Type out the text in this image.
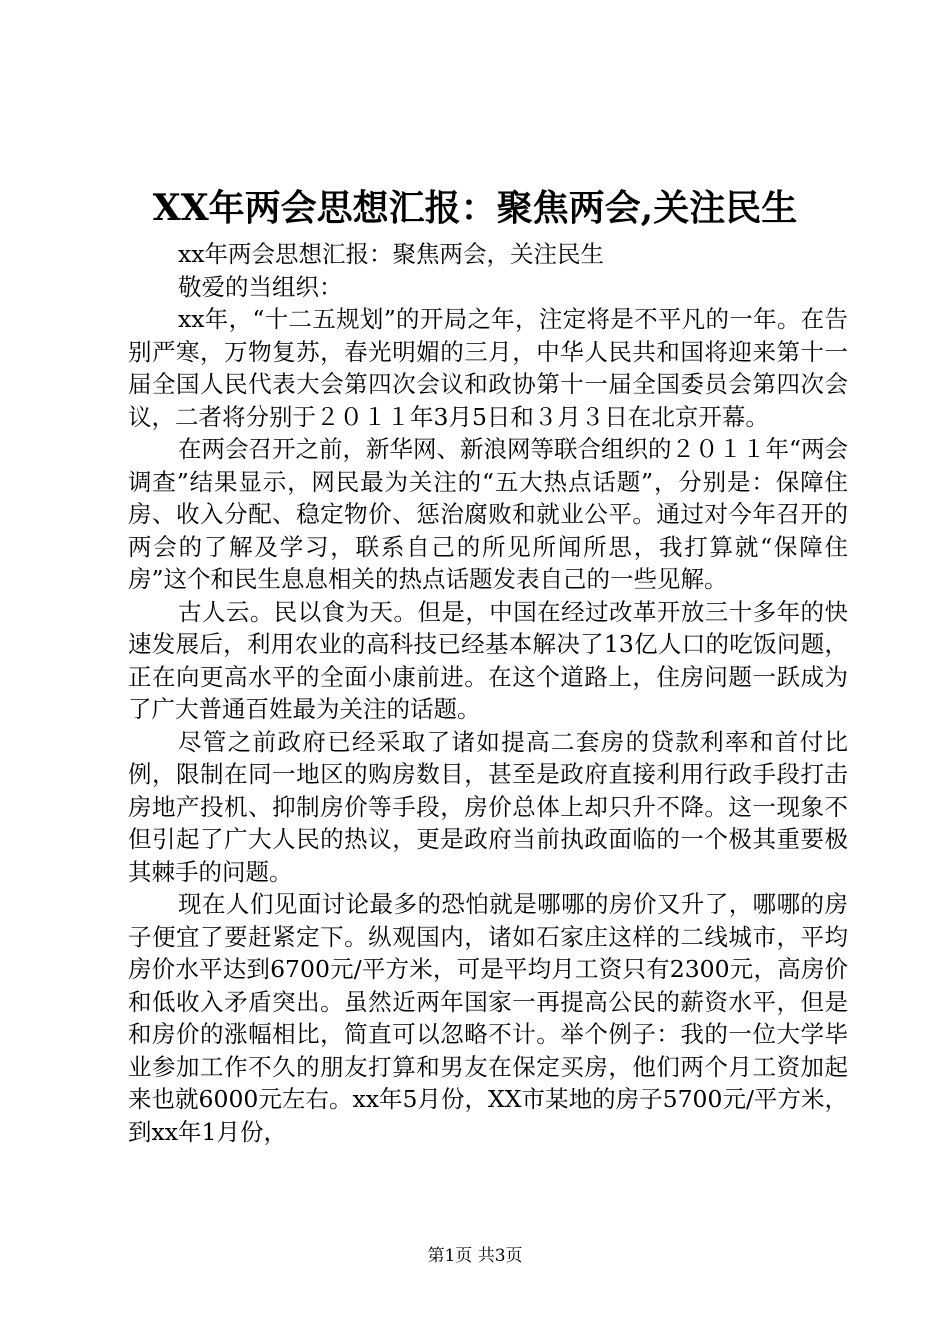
XX年两会思想汇报：聚焦两会,关注民生

xx年两会思想汇报：聚焦两会，关注民生

敬爱的当组织：

xx年，“十二五规划”的开局之年，注定将是不平凡的一年。在告别严寒，万物复苏，春光明媚的三月，中华人民共和国将迎来第十一届全国人民代表大会第四次会议和政协第十一届全国委员会第四次会议，二者将分别于２０１１年3月5日和３月３日在北京开幕。

在两会召开之前，新华网、新浪网等联合组织的２０１１年“两会调查”结果显示，网民最为关注的“五大热点话题”，分别是：保障住房、收入分配、稳定物价、惩治腐败和就业公平。通过对今年召开的两会的了解及学习，联系自己的所见所闻所思，我打算就“保障住房”这个和民生息息相关的热点话题发表自己的一些见解。

古人云。民以食为天。但是，中国在经过改革开放三十多年的快速发展后，利用农业的高科技已经基本解决了13亿人口的吃饭问题，正在向更高水平的全面小康前进。在这个道路上，住房问题一跃成为了广大普通百姓最为关注的话题。

尽管之前政府已经采取了诸如提高二套房的贷款利率和首付比例，限制在同一地区的购房数目，甚至是政府直接利用行政手段打击房地产投机、抑制房价等手段，房价总体上却只升不降。这一现象不但引起了广大人民的热议，更是政府当前执政面临的一个极其重要极其棘手的问题。

现在人们见面讨论最多的恐怕就是哪哪的房价又升了，哪哪的房子便宜了要赶紧定下。纵观国内，诸如石家庄这样的二线城市，平均房价水平达到6700元/平方米，可是平均月工资只有2300元，高房价和低收入矛盾突出。虽然近两年国家一再提高公民的薪资水平，但是和房价的涨幅相比，简直可以忽略不计。举个例子：我的一位大学毕业参加工作不久的朋友打算和男友在保定买房，他们两个月工资加起来也就6000元左右。xx年5月份，XX市某地的房子5700元/平方米，到xx年1月份，

第1页 共3页
